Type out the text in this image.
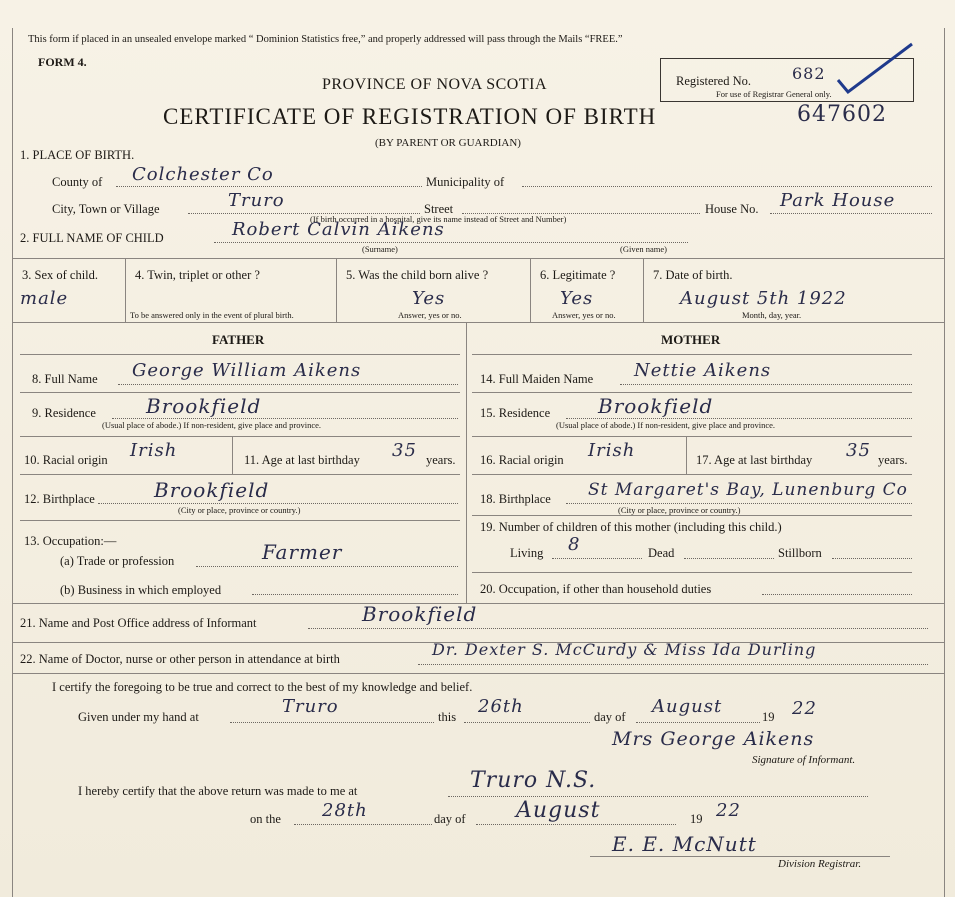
This form if placed in an unsealed envelope marked “ Dominion Statistics free,” and properly addressed will pass through the Mails “FREE.”
FORM 4.
Registered No.
For use of Registrar General only.
682
PROVINCE OF NOVA SCOTIA
CERTIFICATE OF REGISTRATION OF BIRTH	647602
(BY PARENT OR GUARDIAN)
1. PLACE OF BIRTH.
County of Colchester Co	Municipality of
City, Town or Village	Truro	Street	House No. Park House
(If birth occurred in a hospital, give its name instead of Street and Number)
2. FULL NAME OF CHILD	Robert Calvin Aikens
(Surname)	(Given name)
3. Sex of child.
male
4. Twin, triplet or other ?
To be answered only in the event of plural birth.
5. Was the child born alive ?
Yes
Answer, yes or no.
6. Legitimate ?
Yes
Answer, yes or no.
7. Date of birth.
August 5th 1922
Month, day, year.
FATHER	MOTHER
8. Full Name George William Aikens
9. Residence	Brookfield
(Usual place of abode.) If non-resident, give place and province.
10. Racial origin Irish	11. Age at last birthday 35 years.
12. Birthplace	Brookfield
(City or place, province or country.)
13. Occupation:—
(a) Trade or profession	Farmer
(b) Business in which employed
14. Full Maiden Name Nettie Aikens
15. Residence Brookfield
(Usual place of abode.) If non-resident, give place and province.
16. Racial origin Irish	17. Age at last birthday 35 years.
18. Birthplace St Margaret's Bay, Lunenburg Co
(City or place, province or country.)
19. Number of children of this mother (including this child.)
Living 8	Dead	Stillborn
20. Occupation, if other than household duties
21. Name and Post Office address of Informant	Brookfield
22. Name of Doctor, nurse or other person in attendance at birth	Dr. Dexter S. McCurdy & Miss Ida Durling
I certify the foregoing to be true and correct to the best of my knowledge and belief.
Given under my hand at	Truro	this 26th	day of August	19 22
Mrs George Aikens
Signature of Informant.
I hereby certify that the above return was made to me at	Truro N.S.
on the 28th	day of August	19 22
E. E. McNutt
Division Registrar.
